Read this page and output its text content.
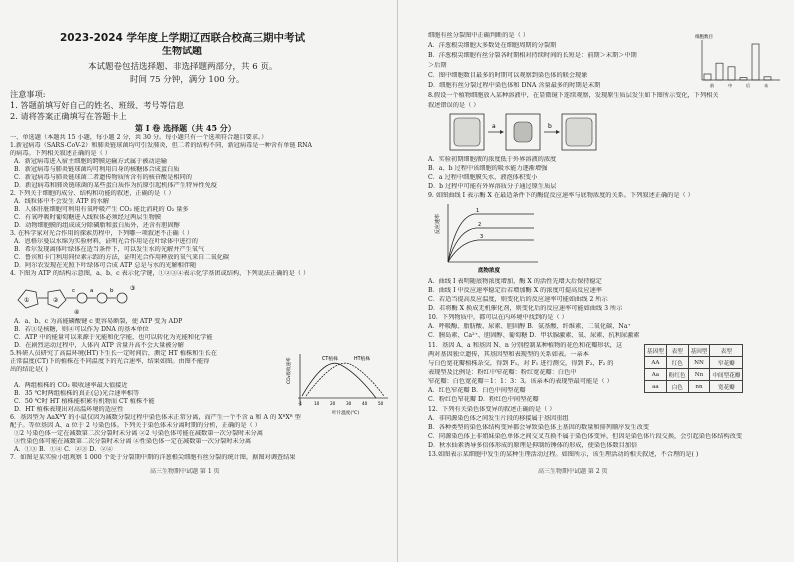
2023-2024 学年度上学期辽西联合校高三期中考试
生物试题
本试题卷包括选择题、非选择题两部分，共 6 页。
时间 75 分钟，满分 100 分。
注意事项:
1. 答题前填写好自己的姓名、班级、考号等信息
2. 请将答案正确填写在答题卡上
第 I 卷 选择题（共 45 分）
一、单选题（本题共 15 小题，每小题 2 分，共 30 分。每小题只有一个选项符合题目要求。）
1.新冠病毒（SARS-CoV-2）和肺炎链球菌均可引发肺炎，但二者的结构不同，新冠病毒是一种含有单链 RNA
的病毒。下列相关叙述正确的是（ ）
A．新冠病毒进入宿主细胞的跨膜运输方式属于被动运输
B．新冠病毒与肺炎链球菌均可利用自身的核糖体合成蛋白质
C．新冠病毒与肺炎链球菌二者遗传物质所含有的核苷酸是相同的
D．新冠病毒和肺炎链球菌的某些蛋白质作为抗原引起机体产生特异性免疫
2. 下列关于细胞的成分、结构和功能的叙述，正确的是（ ）
A．线粒体中不会发生 ATP 的水解
B．人体肝脏细胞可利用有氧呼吸产生 CO₂ 能比消耗的 O₂ 量多
C．有氧呼吸时葡萄糖进入线粒体必须经过两层生物膜
D．动物细胞膜的组成成分除磷脂和蛋白质外，还含有胆固醇
3. 在科学家对光合作用的探索历程中，下列哪一项叙述不正确（ ）
A．恩格尔曼以水绵为实验材料，证明光合作用是在叶绿体中进行的
B．希尔发现离体叶绿体在适当条件下，可以发生水的光解并产生氧气
C．鲁宾和卡门利用同位素示踪的方法，证明光合作用释放的氧气来自二氧化碳
D．阿尔农发现在光照下叶绿体可合成 ATP 总是与水的光解相伴随
4. 下图为 ATP 的结构示意图，a、b、c 表示化学键，①②③④表示化学基团或结构，下列说法正确的是（ ）
①	②
a	b
c	③
④
A．a、b、c 为高能磷酸键 c 更容易断裂，使 ATP 变为 ADP
B．若③是核糖，则④可以作为 DNA 的基本单位
C．ATP 中的能量可以来源于光能和化学能，也可以转化为光能和化学能
D．在剧烈运动过程中，人体内 ATP 含量升高不会大量被分解
5.科研人员研究了高温环境(HT)下生长一定时间后，测定 HT 植株和生长在
正常温度(CT)下的植株在不同温度下的光合速率，结果如图。由图不能得
出的结论是( )
A．两组植株的 CO₂ 吸收速率最大值接近
B．35 ℃时两组植株的真正(总)光合速率相等
C．50 ℃时 HT 植株能积累有机物而 CT 植株不能
D．HT 植株表现出对高温环境的适应性
CO₂吸收速率	CT植株	HT植株
-1	10	20	30	40	50
叶片温度(℃)
6．基因型为 AaXᴮY 的小鼠仅因为减数分裂过程中染色体未正常分离，而产生一个不含 a 和 A 的 XᴮXᴮ 型
配子。等位基因 A、a 位于 2 号染色体。下列关于染色体未分离时期的分析，正确的是（ ）
①2 号染色体一定在减数第二次分裂时未分离 ②2 号染色体可能在减数第一次分裂时未分离
③性染色体可能在减数第二次分裂时未分离 ④性染色体一定在减数第一次分裂时未分离
A．①③ B．①④ C．②③ D．②④
7．如图是某实验小组观察 1 000 个处于分裂期中期的洋葱根尖细胞有丝分裂的统计图，据图对调查结果
高三生物期中试题 第 1 页
细胞有丝分裂图中正确判断的是（ ）
A．洋葱根尖细胞大多数处在细胞周期的分裂期
B．洋葱根尖细胞有丝分裂各时期相对持续时间的长短是：前期＞末期＞中期
＞后期
C．图中细胞数目最多的时期可以观察到染色体的联会现象
D．细胞有丝分裂过程中染色体和 DNA 含量最多的时期是末期
8.假设一个植物细胞放入某种溶液中，在显微镜下连续观察，发现原生质层发生如下图所示变化，下列相关
叙述错误的是（ ）
细胞数目
前	中	后	末
a	b
A．实验初期细胞液的浓度低于外界溶液的浓度
B．a、b 过程中该细胞的吸水能力逐渐增强
C．a 过程中细胞膜失水，液泡体积变小
D．b 过程中可能有外界溶质分子通过原生质层
9. 如图曲线 I 表示酶 X 在最适条件下的酶促反应速率与底物浓度的关系。下列叙述正确的是（ ）
反应速率
1
2
3
底物浓度
A．曲线 I 表明随底物浓度增加，酶 X 的活性先增大后保持稳定
B．曲线 I 中反应速率稳定后若增加酶 X 的浓度可提高反应速率
C．若适当提高反应温度，则变化后的反应速率可能如曲线 2 所示
D．若将酶 X 换成无机催化剂，则变化后的反应速率可能如曲线 3 所示
10．下列物质中，都可以在内环境中找到的是（ ）
A．呼吸酶、脂肪酸、尿素、胆固醇 B．氨基酸、纤维素、二氧化碳、Na⁺
C．胰岛素、Ca²⁺、胆固醇、葡萄糖 D．甲状腺激素、氧、尿素、抗利尿激素
11．基因 A、a 和基因 N、n 分别控制某种植物的花色和花瓣形状，这
两对基因独立遗传，其基因型和表现型的关系如表。一亲本
与白色宽花瓣植株杂交，得到 F₁，对 F₁ 进行测交，得到 F₂，F₂ 的
表现型及比例是：粉红中窄花瓣：粉红宽花瓣：白色中
窄花瓣：白色宽花瓣＝1：1：3：3。该亲本的表现型最可能是（ ）
A．红色窄花瓣 B．白色中间型花瓣
C．粉红色窄花瓣 D．粉红色中间型花瓣
基因型	表型	基因型	表型
AA	红色	NN	窄花瓣
Aa	粉红色	Nn	中间型花瓣
aa	白色	nn	宽花瓣
12．下列有关染色体变异的叙述正确的是（ ）
A．非同源染色体之间发生片段的移接属于基因重组
B．各种类型的染色体结构变异都会导致染色体上基因的数量和排列顺序发生改变
C．同源染色体上非姐妹染色单体之间交叉互换不属于染色体变异，但因是染色体片段交换，会引起染色体结构改变
D．秋水仙素诱导多倍体形成的原理是抑制纺锤体的形成，使染色体数目加倍
13.如图表示某细胞中发生的某种生理活动过程。如图所示，该生理活动的相关叙述，不合理的是( )
高三生物期中试题 第 2 页
